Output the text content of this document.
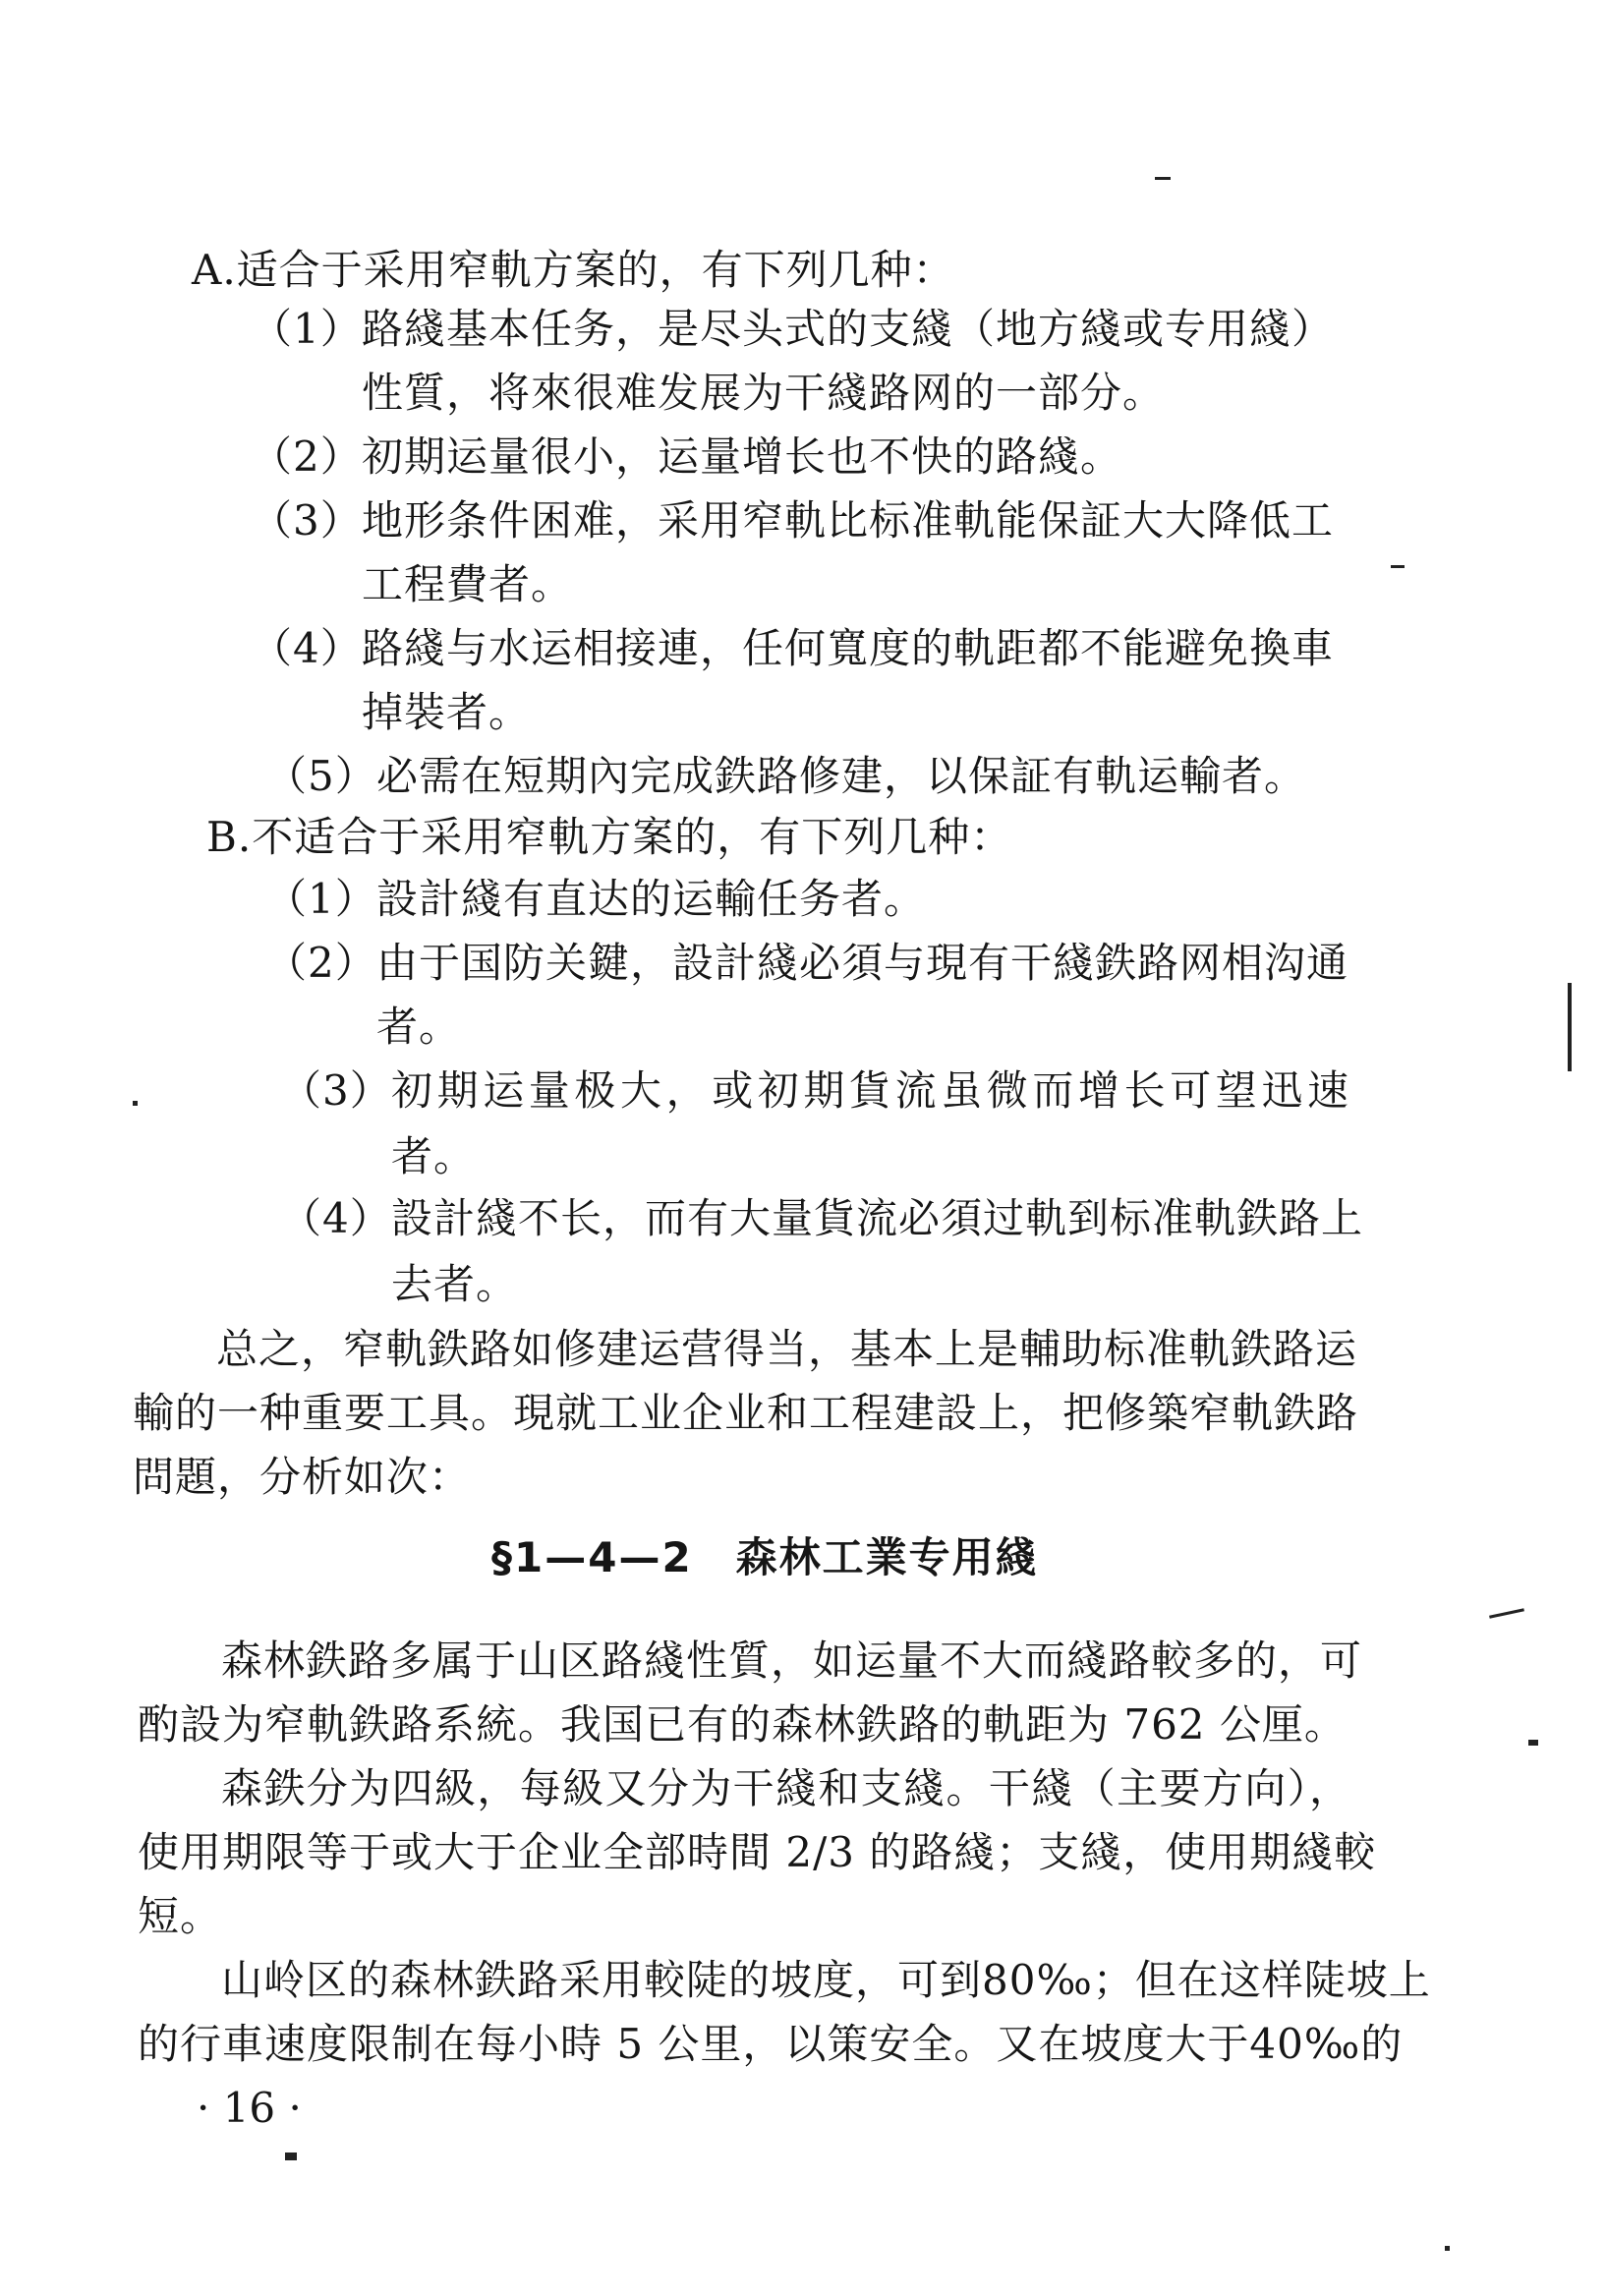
A.适合于采用窄軌方案的，有下列几种：
（1） 路綫基本任务，是尽头式的支綫（地方綫或专用綫）
性質，将來很难发展为干綫路网的一部分。
（2） 初期运量很小，运量增长也不快的路綫。
（3） 地形条件困难，采用窄軌比标准軌能保証大大降低工
工程費者。
（4） 路綫与水运相接連，任何寬度的軌距都不能避免換車
掉裝者。
（5） 必需在短期內完成鉄路修建，以保証有軌运輸者。
B.不适合于采用窄軌方案的，有下列几种：
（1） 設計綫有直达的运輸任务者。
（2） 由于国防关鍵，設計綫必須与現有干綫鉄路网相沟通
者。
（3） 初期运量极大，或初期貨流虽微而增长可望迅速
者。
（4） 設計綫不长，而有大量貨流必須过軌到标准軌鉄路上
去者。
总之，窄軌鉄路如修建运营得当，基本上是輔助标准軌鉄路运
輸的一种重要工具。現就工业企业和工程建設上，把修築窄軌鉄路
問題，分析如次：
§1—4—2　森林工業专用綫
森林鉄路多属于山区路綫性質，如运量不大而綫路較多的，可
酌設为窄軌鉄路系統。我国已有的森林鉄路的軌距为 762 公厘。
森鉄分为四級，每級又分为干綫和支綫。干綫（主要方向），
使用期限等于或大于企业全部時間 2/3 的路綫；支綫，使用期綫較
短。
山岭区的森林鉄路采用較陡的坡度，可到80‰；但在这样陡坡上
的行車速度限制在每小時 5 公里，以策安全。又在坡度大于40‰的
· 16 ·
